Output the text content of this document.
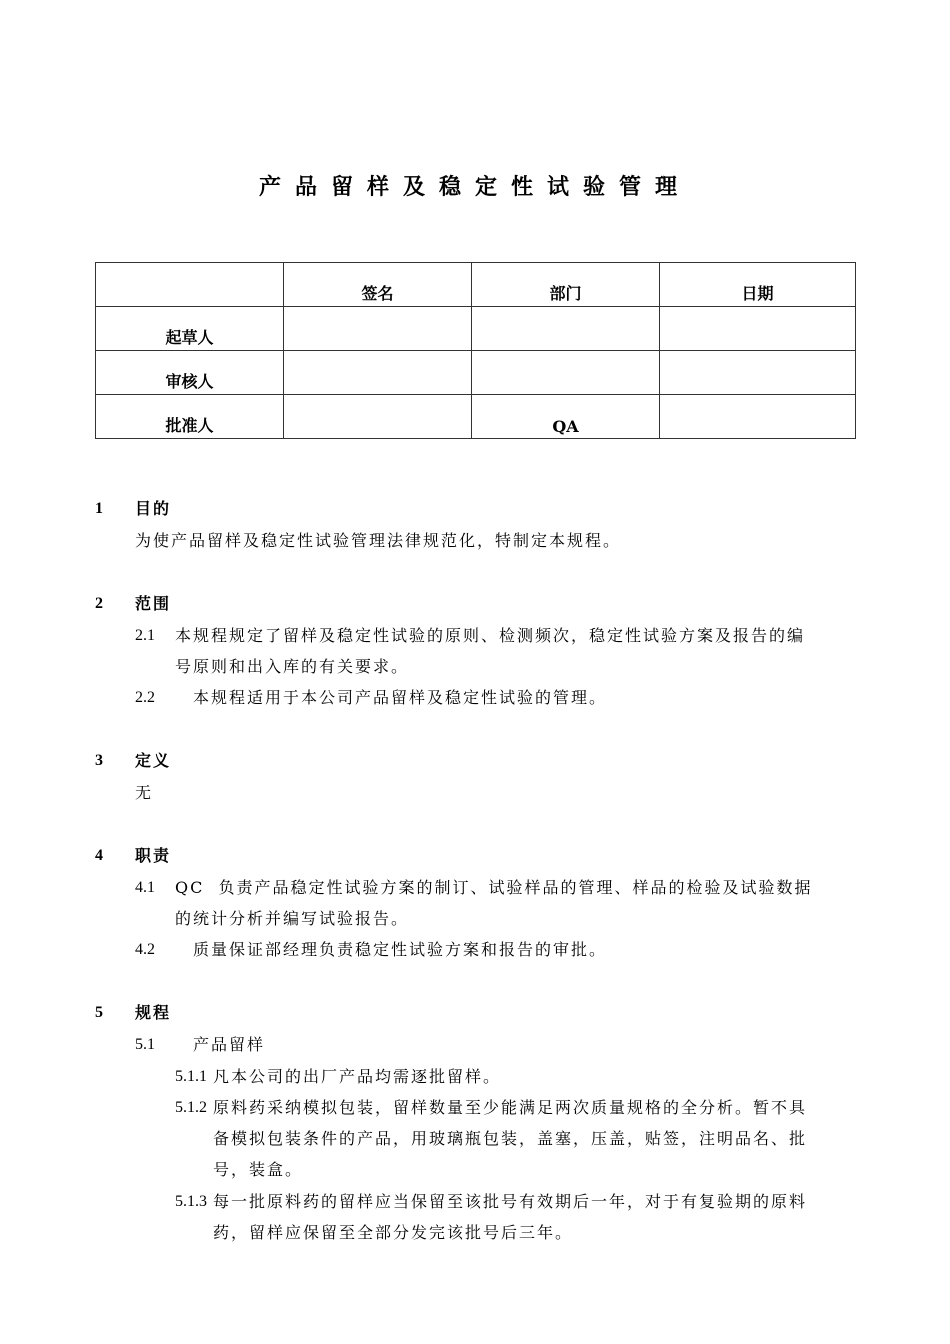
产品留样及稳定性试验管理
	签名	部门	日期
起草人			
审核人			
批准人		QA	
1 目的
为使产品留样及稳定性试验管理法律规范化，特制定本规程。
2 范围
2.1 本规程规定了留样及稳定性试验的原则、检测频次，稳定性试验方案及报告的编
号原则和出入库的有关要求。
2.2 本规程适用于本公司产品留样及稳定性试验的管理。
3 定义
无
4 职责
4.1 QC  负责产品稳定性试验方案的制订、试验样品的管理、样品的检验及试验数据
的统计分析并编写试验报告。
4.2 质量保证部经理负责稳定性试验方案和报告的审批。
5 规程
5.1 产品留样
5.1.1 凡本公司的出厂产品均需逐批留样。
5.1.2 原料药采纳模拟包装，留样数量至少能满足两次质量规格的全分析。暂不具
备模拟包装条件的产品，用玻璃瓶包装，盖塞，压盖，贴签，注明品名、批
号，装盒。
5.1.3 每一批原料药的留样应当保留至该批号有效期后一年，对于有复验期的原料
药，留样应保留至全部分发完该批号后三年。
